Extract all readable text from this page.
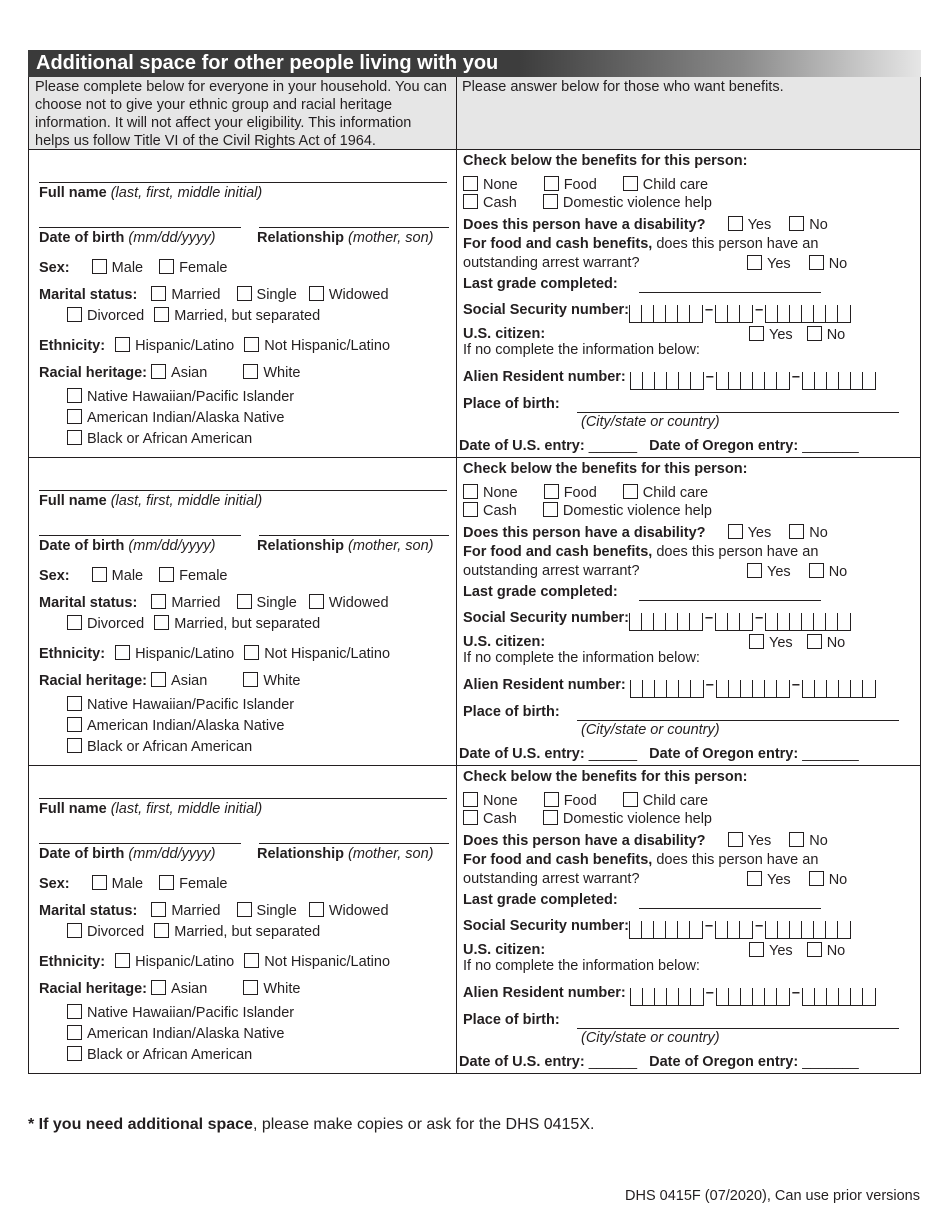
Additional space for other people living with you
Please complete below for everyone in your household. You can choose not to give your ethnic group and racial heritage information. It will not affect your eligibility. This information helps us follow Title VI of the Civil Rights Act of 1964.
Please answer below for those who want benefits.
Full name (last, first, middle initial)
Date of birth (mm/dd/yyyy)	Relationship (mother, son)
Sex:	Male Female
Marital status: Married Single Widowed
Divorced Married, but separated
Ethnicity: Hispanic/Latino Not Hispanic/Latino
Racial heritage: Asian	White
Native Hawaiian/Pacific Islander
American Indian/Alaska Native
Black or African American
Check below the benefits for this person:
None	Food	Child care
Cash	Domestic violence help
Does this person have a disability?	Yes	No
For food and cash benefits, does this person have an
outstanding arrest warrant?	Yes	No
Last grade completed:
Social Security number:	–	–
U.S. citizen:	Yes No
If no complete the information below:
Alien Resident number:	–	–
Place of birth:
(City/state or country)
Date of U.S. entry: ______ Date of Oregon entry: _______
Full name (last, first, middle initial)
Date of birth (mm/dd/yyyy)	Relationship (mother, son)
Sex:	Male Female
Marital status: Married Single Widowed
Divorced Married, but separated
Ethnicity: Hispanic/Latino Not Hispanic/Latino
Racial heritage: Asian	White
Native Hawaiian/Pacific Islander
American Indian/Alaska Native
Black or African American
Check below the benefits for this person:
None	Food	Child care
Cash	Domestic violence help
Does this person have a disability?	Yes	No
For food and cash benefits, does this person have an
outstanding arrest warrant?	Yes	No
Last grade completed:
Social Security number:	–	–
U.S. citizen:	Yes No
If no complete the information below:
Alien Resident number:	–	–
Place of birth:
(City/state or country)
Date of U.S. entry: ______ Date of Oregon entry: _______
Full name (last, first, middle initial)
Date of birth (mm/dd/yyyy)	Relationship (mother, son)
Sex:	Male Female
Marital status: Married Single Widowed
Divorced Married, but separated
Ethnicity: Hispanic/Latino Not Hispanic/Latino
Racial heritage: Asian	White
Native Hawaiian/Pacific Islander
American Indian/Alaska Native
Black or African American
Check below the benefits for this person:
None	Food	Child care
Cash	Domestic violence help
Does this person have a disability?	Yes	No
For food and cash benefits, does this person have an
outstanding arrest warrant?	Yes	No
Last grade completed:
Social Security number:	–	–
U.S. citizen:	Yes No
If no complete the information below:
Alien Resident number:	–	–
Place of birth:
(City/state or country)
Date of U.S. entry: ______ Date of Oregon entry: _______
* If you need additional space, please make copies or ask for the DHS 0415X.
DHS 0415F (07/2020), Can use prior versions
